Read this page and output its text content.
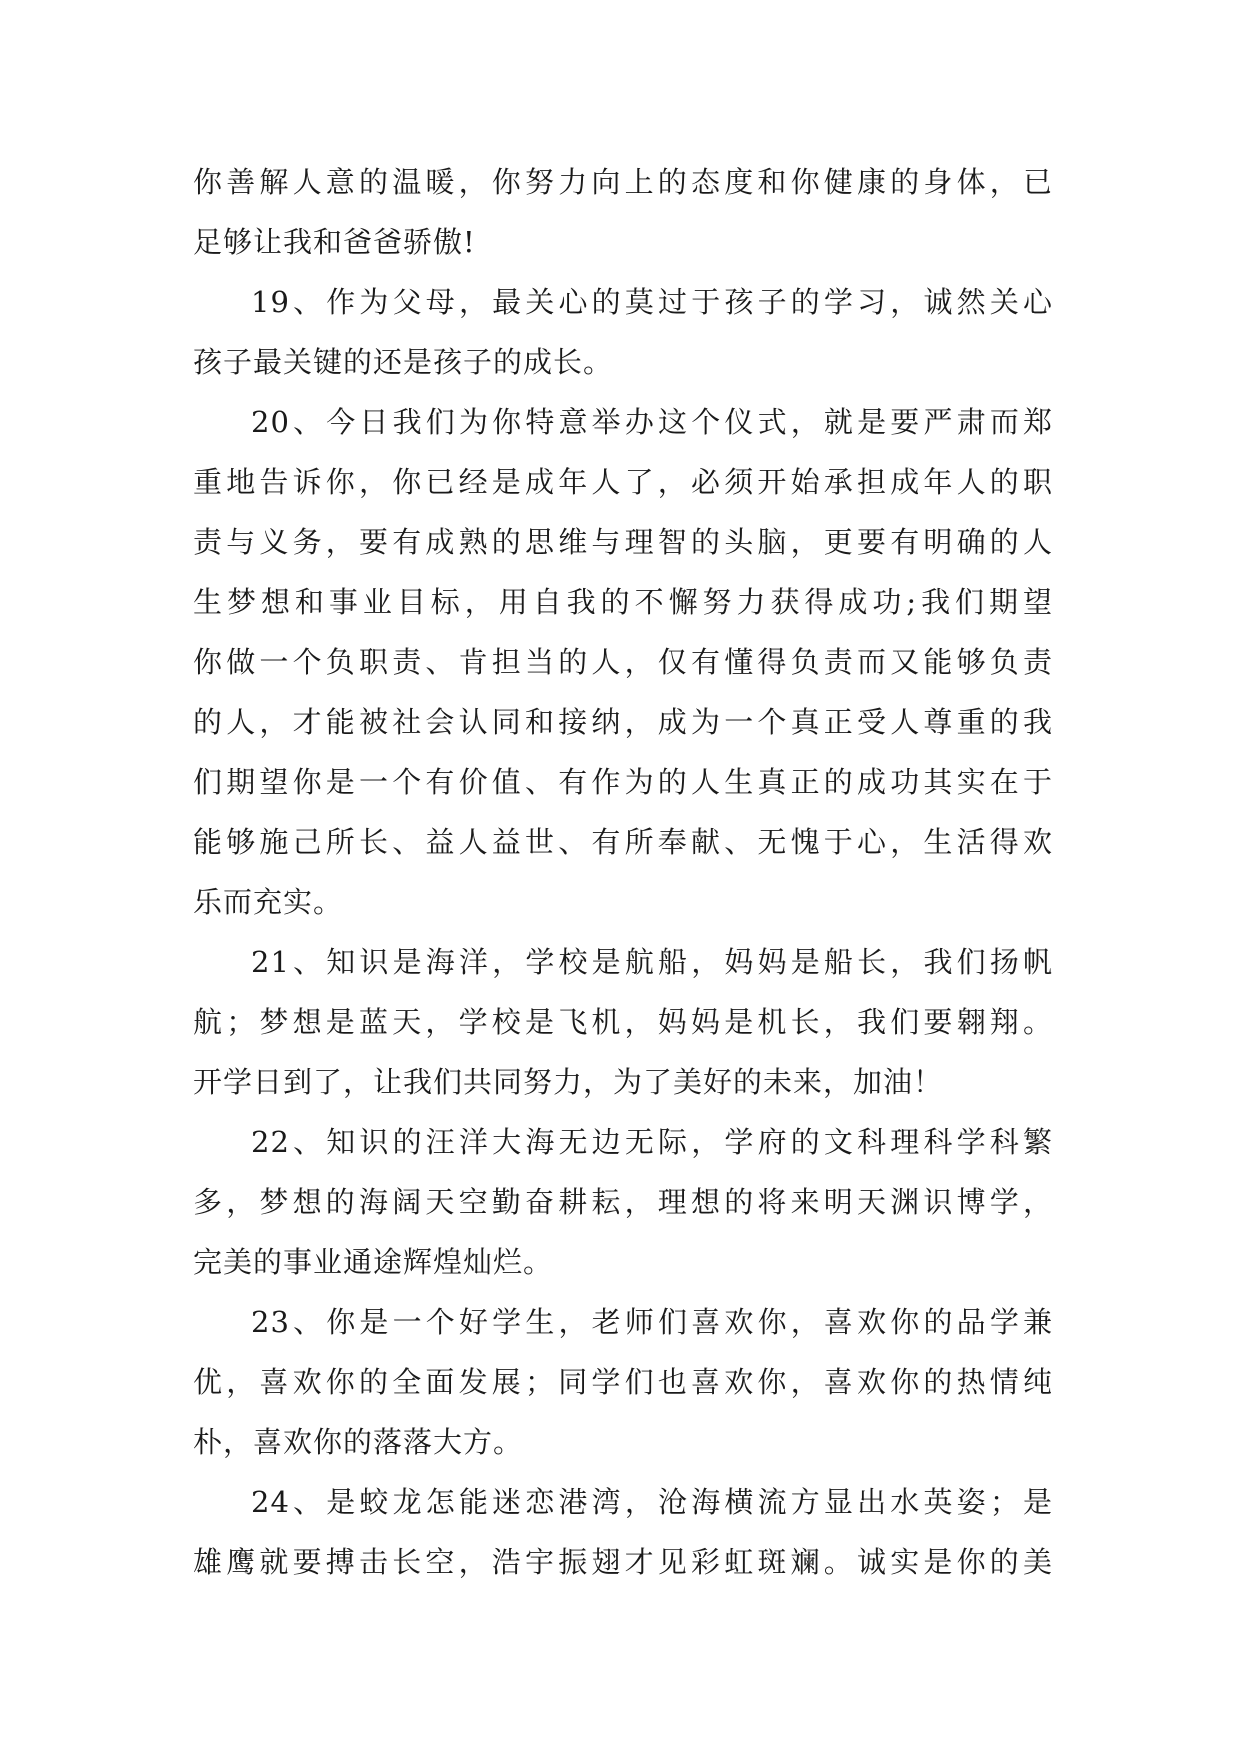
你善解人意的温暖，你努力向上的态度和你健康的身体，已
足够让我和爸爸骄傲!
19、作为父母，最关心的莫过于孩子的学习，诚然关心
孩子最关键的还是孩子的成长。
20、今日我们为你特意举办这个仪式，就是要严肃而郑
重地告诉你，你已经是成年人了，必须开始承担成年人的职
责与义务，要有成熟的思维与理智的头脑，更要有明确的人
生梦想和事业目标，用自我的不懈努力获得成功;我们期望
你做一个负职责、肯担当的人，仅有懂得负责而又能够负责
的人，才能被社会认同和接纳，成为一个真正受人尊重的我
们期望你是一个有价值、有作为的人生真正的成功其实在于
能够施己所长、益人益世、有所奉献、无愧于心，生活得欢
乐而充实。
21、知识是海洋，学校是航船，妈妈是船长，我们扬帆
航；梦想是蓝天，学校是飞机，妈妈是机长，我们要翱翔。
开学日到了，让我们共同努力，为了美好的未来，加油！
22、知识的汪洋大海无边无际，学府的文科理科学科繁
多，梦想的海阔天空勤奋耕耘，理想的将来明天渊识博学，
完美的事业通途辉煌灿烂。
23、你是一个好学生，老师们喜欢你，喜欢你的品学兼
优，喜欢你的全面发展；同学们也喜欢你，喜欢你的热情纯
朴，喜欢你的落落大方。
24、是蛟龙怎能迷恋港湾，沧海横流方显出水英姿；是
雄鹰就要搏击长空，浩宇振翅才见彩虹斑斓。诚实是你的美
